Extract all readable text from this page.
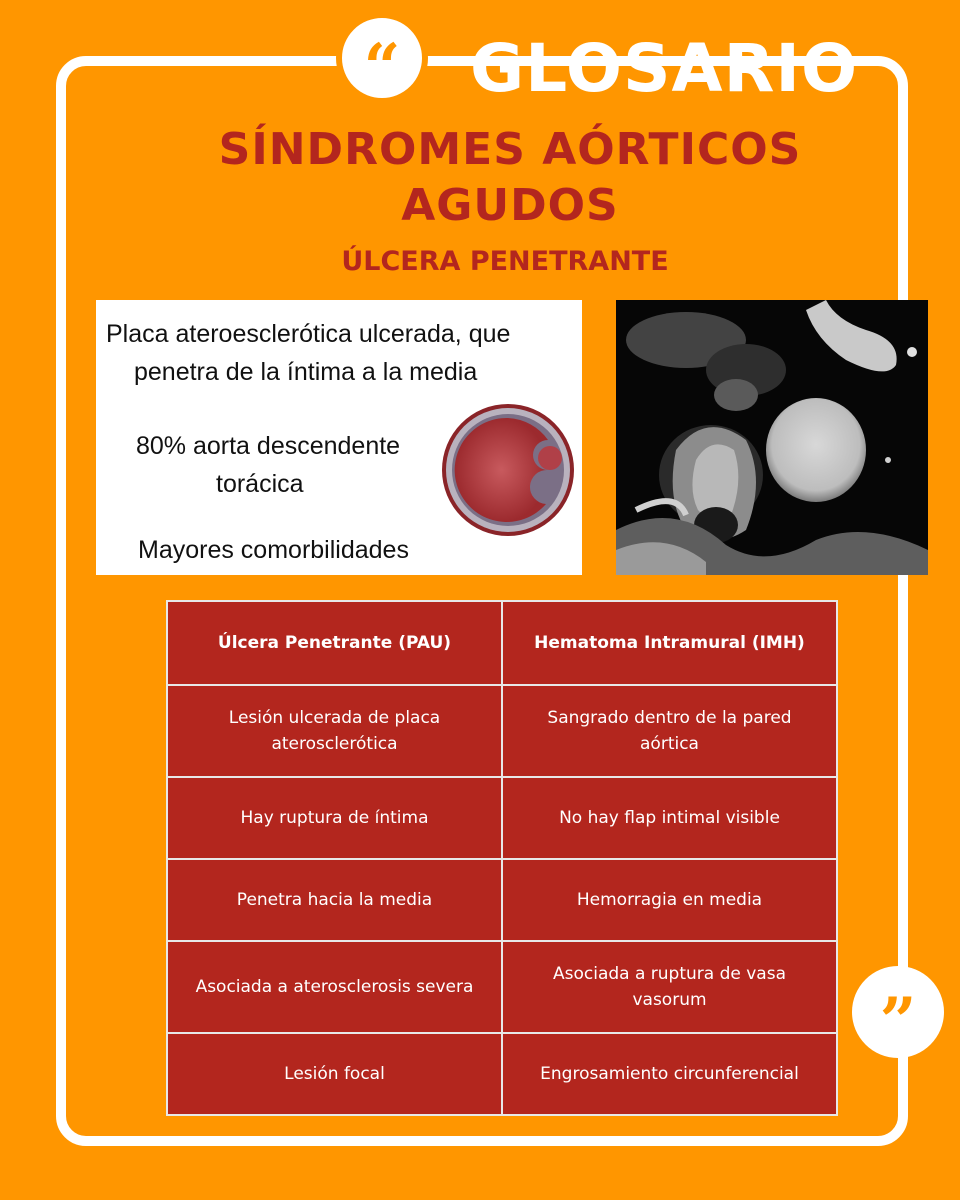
“ GLOSARIO
SÍNDROMES AÓRTICOS
AGUDOS
ÚLCERA PENETRANTE
Placa ateroesclerótica ulcerada, que
penetra de la íntima a la media
80% aorta descendente
torácica
Mayores comorbilidades
Úlcera Penetrante (PAU)	Hematoma Intramural (IMH)
Lesión ulcerada de placa aterosclerótica	Sangrado dentro de la pared aórtica
Hay ruptura de íntima	No hay flap intimal visible
Penetra hacia la media	Hemorragia en media
Asociada a aterosclerosis severa	Asociada a ruptura de vasa vasorum
Lesión focal	Engrosamiento circunferencial
”
